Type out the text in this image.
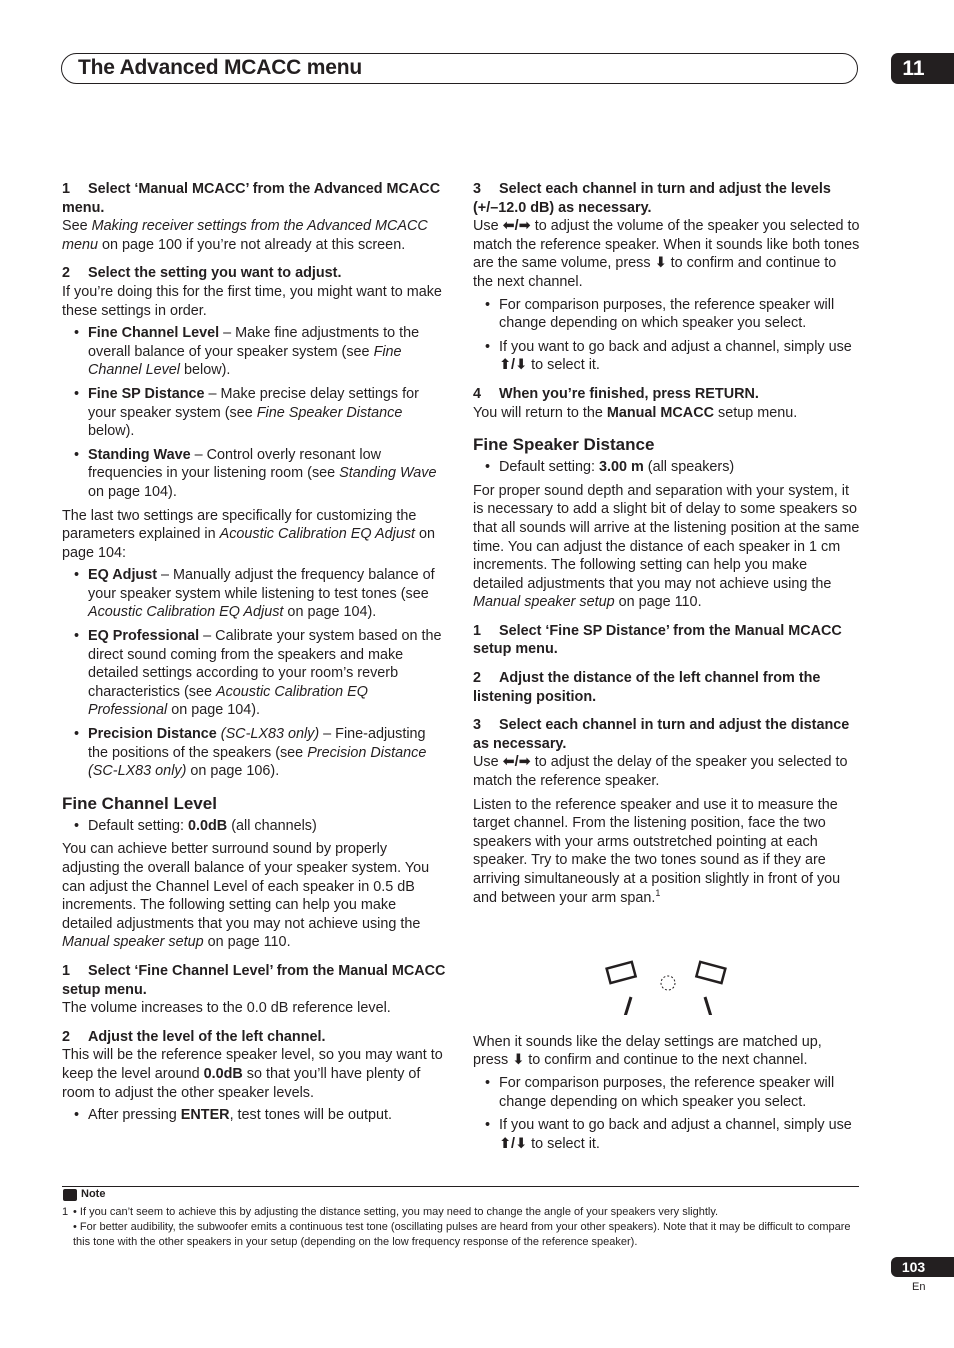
The Advanced MCACC menu	11

1 Select ‘Manual MCACC’ from the Advanced MCACC menu.

See Making receiver settings from the Advanced MCACC menu on page 100 if you’re not already at this screen.

2 Select the setting you want to adjust.

If you’re doing this for the first time, you might want to make these settings in order.

• Fine Channel Level – Make fine adjustments to the overall balance of your speaker system (see Fine Channel Level below).
• Fine SP Distance – Make precise delay settings for your speaker system (see Fine Speaker Distance below).
• Standing Wave – Control overly resonant low frequencies in your listening room (see Standing Wave on page 104).

The last two settings are specifically for customizing the parameters explained in Acoustic Calibration EQ Adjust on page 104:

• EQ Adjust – Manually adjust the frequency balance of your speaker system while listening to test tones (see Acoustic Calibration EQ Adjust on page 104).
• EQ Professional – Calibrate your system based on the direct sound coming from the speakers and make detailed settings according to your room’s reverb characteristics (see Acoustic Calibration EQ Professional on page 104).
• Precision Distance (SC-LX83 only) – Fine-adjusting the positions of the speakers (see Precision Distance (SC-LX83 only) on page 106).
Fine Channel Level
• Default setting: 0.0dB (all channels)

You can achieve better surround sound by properly adjusting the overall balance of your speaker system. You can adjust the Channel Level of each speaker in 0.5 dB increments. The following setting can help you make detailed adjustments that you may not achieve using the Manual speaker setup on page 110.

1 Select ‘Fine Channel Level’ from the Manual MCACC setup menu.

The volume increases to the 0.0 dB reference level.

2 Adjust the level of the left channel.

This will be the reference speaker level, so you may want to keep the level around 0.0dB so that you’ll have plenty of room to adjust the other speaker levels.

• After pressing ENTER, test tones will be output.

3 Select each channel in turn and adjust the levels (+/–12.0 dB) as necessary.

Use ⬅/➡ to adjust the volume of the speaker you selected to match the reference speaker. When it sounds like both tones are the same volume, press ⬇ to confirm and continue to the next channel.

• For comparison purposes, the reference speaker will change depending on which speaker you select.
• If you want to go back and adjust a channel, simply use ⬆/⬇ to select it.

4 When you’re finished, press RETURN.

You will return to the Manual MCACC setup menu.

Fine Speaker Distance
• Default setting: 3.00 m (all speakers)

For proper sound depth and separation with your system, it is necessary to add a slight bit of delay to some speakers so that all sounds will arrive at the listening position at the same time. You can adjust the distance of each speaker in 1 cm increments. The following setting can help you make detailed adjustments that you may not achieve using the Manual speaker setup on page 110.

1 Select ‘Fine SP Distance’ from the Manual MCACC setup menu.

2 Adjust the distance of the left channel from the listening position.

3 Select each channel in turn and adjust the distance as necessary.

Use ⬅/➡ to adjust the delay of the speaker you selected to match the reference speaker.

Listen to the reference speaker and use it to measure the target channel. From the listening position, face the two speakers with your arms outstretched pointing at each speaker. Try to make the two tones sound as if they are arriving simultaneously at a position slightly in front of you and between your arm span.$^1$

When it sounds like the delay settings are matched up, press ⬇ to confirm and continue to the next channel.

• For comparison purposes, the reference speaker will change depending on which speaker you select.
• If you want to go back and adjust a channel, simply use ⬆/⬇ to select it.
Note

1 • If you can’t seem to achieve this by adjusting the distance setting, you may need to change the angle of your speakers very slightly.

• For better audibility, the subwoofer emits a continuous test tone (oscillating pulses are heard from your other speakers). Note that it may be difficult to compare this tone with the other speakers in your setup (depending on the low frequency response of the reference speaker).

103
En
